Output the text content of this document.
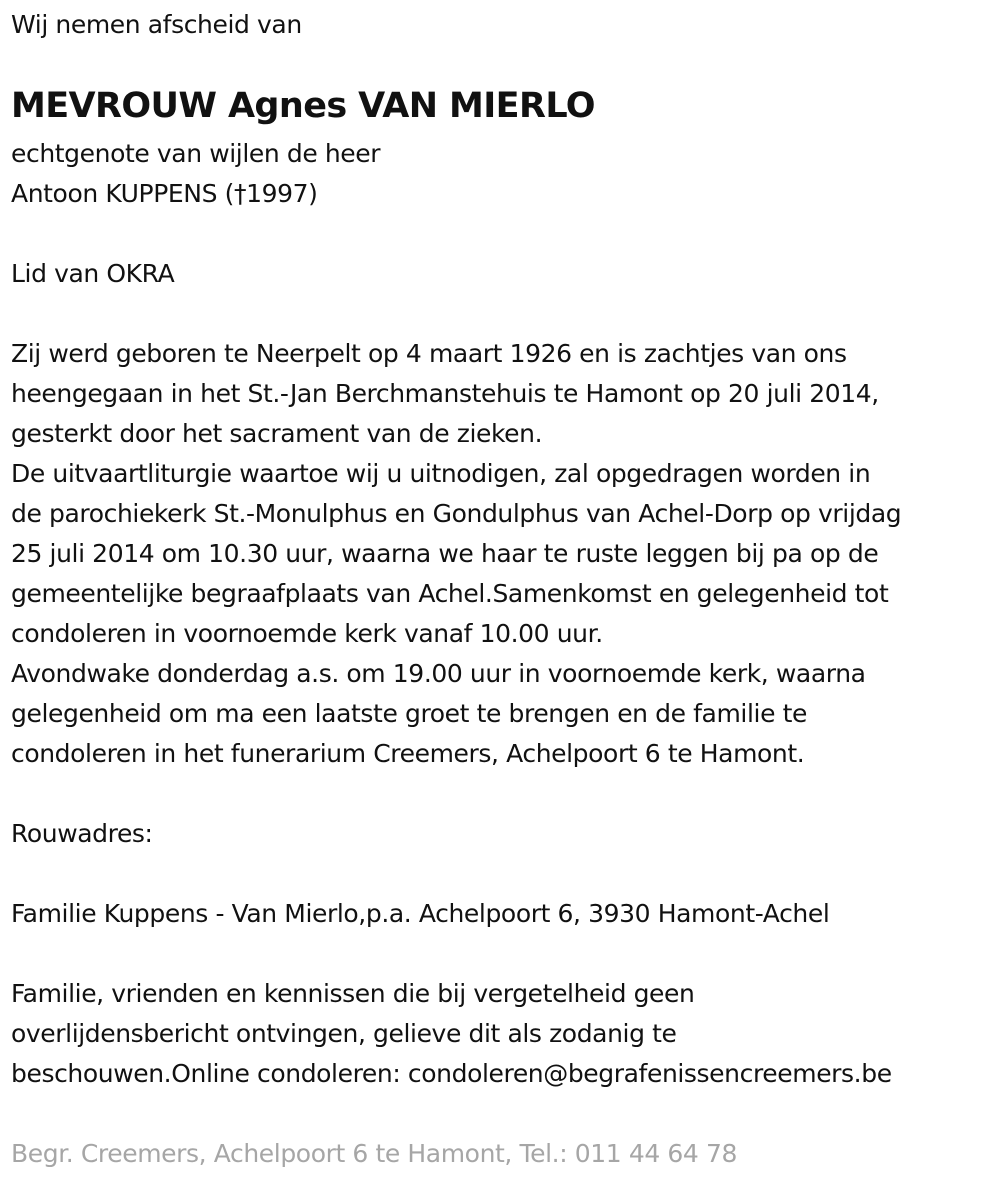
Wij nemen afscheid van
MEVROUW Agnes VAN MIERLO
echtgenote van wijlen de heer
Antoon KUPPENS (†1997)
Lid van OKRA
Zij werd geboren te Neerpelt op 4 maart 1926 en is zachtjes van ons
heengegaan in het St.-Jan Berchmanstehuis te Hamont op 20 juli 2014,
gesterkt door het sacrament van de zieken.
De uitvaartliturgie waartoe wij u uitnodigen, zal opgedragen worden in
de parochiekerk St.-Monulphus en Gondulphus van Achel-Dorp op vrijdag
25 juli 2014 om 10.30 uur, waarna we haar te ruste leggen bij pa op de
gemeentelijke begraafplaats van Achel.Samenkomst en gelegenheid tot
condoleren in voornoemde kerk vanaf 10.00 uur.
Avondwake donderdag a.s. om 19.00 uur in voornoemde kerk, waarna
gelegenheid om ma een laatste groet te brengen en de familie te
condoleren in het funerarium Creemers, Achelpoort 6 te Hamont.
Rouwadres:
Familie Kuppens - Van Mierlo,p.a. Achelpoort 6, 3930 Hamont-Achel
Familie, vrienden en kennissen die bij vergetelheid geen
overlijdensbericht ontvingen, gelieve dit als zodanig te
beschouwen.Online condoleren: condoleren@begrafenissencreemers.be
Begr. Creemers, Achelpoort 6 te Hamont, Tel.: 011 44 64 78
